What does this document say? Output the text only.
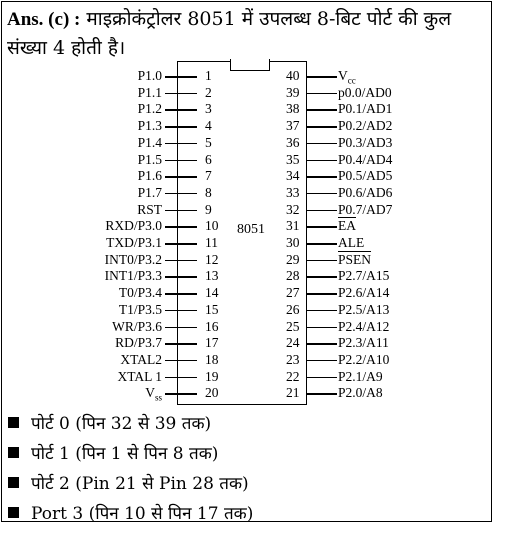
Ans. (c) : माइक्रोकंट्रोलर 8051 में उपलब्ध 8-बिट पोर्ट की कुल संख्या 4 होती है।
8051
P1.0	1
P1.1	2
P1.2	3
P1.3	4
P1.4	5
P1.5	6
P1.6	7
P1.7	8
RST	9
RXD/P3.0	10
TXD/P3.1	11
INT0/P3.2	12
INT1/P3.3	13
T0/P3.4	14
T1/P3.5	15
WR/P3.6	16
RD/P3.7	17
XTAL2	18
XTAL 1	19
$V_{ss}$	20
40	$V_{cc}$
39	p0.0/AD0
38	P0.1/AD1
37	P0.2/AD2
36	P0.3/AD3
35	P0.4/AD4
34	P0.5/AD5
33	P0.6/AD6
32	P0.7/AD7
31	$\overline{EA}$
30	ALE
29	PSEN
28	P2.7/A15
27	P2.6/A14
26	P2.5/A13
25	P2.4/A12
24	P2.3/A11
23	P2.2/A10
22	P2.1/A9
21	P2.0/A8
पोर्ट 0 (पिन 32 से 39 तक)
पोर्ट 1 (पिन 1 से पिन 8 तक)
पोर्ट 2 (Pin 21 से Pin 28 तक)
Port 3 (पिन 10 से पिन 17 तक)
